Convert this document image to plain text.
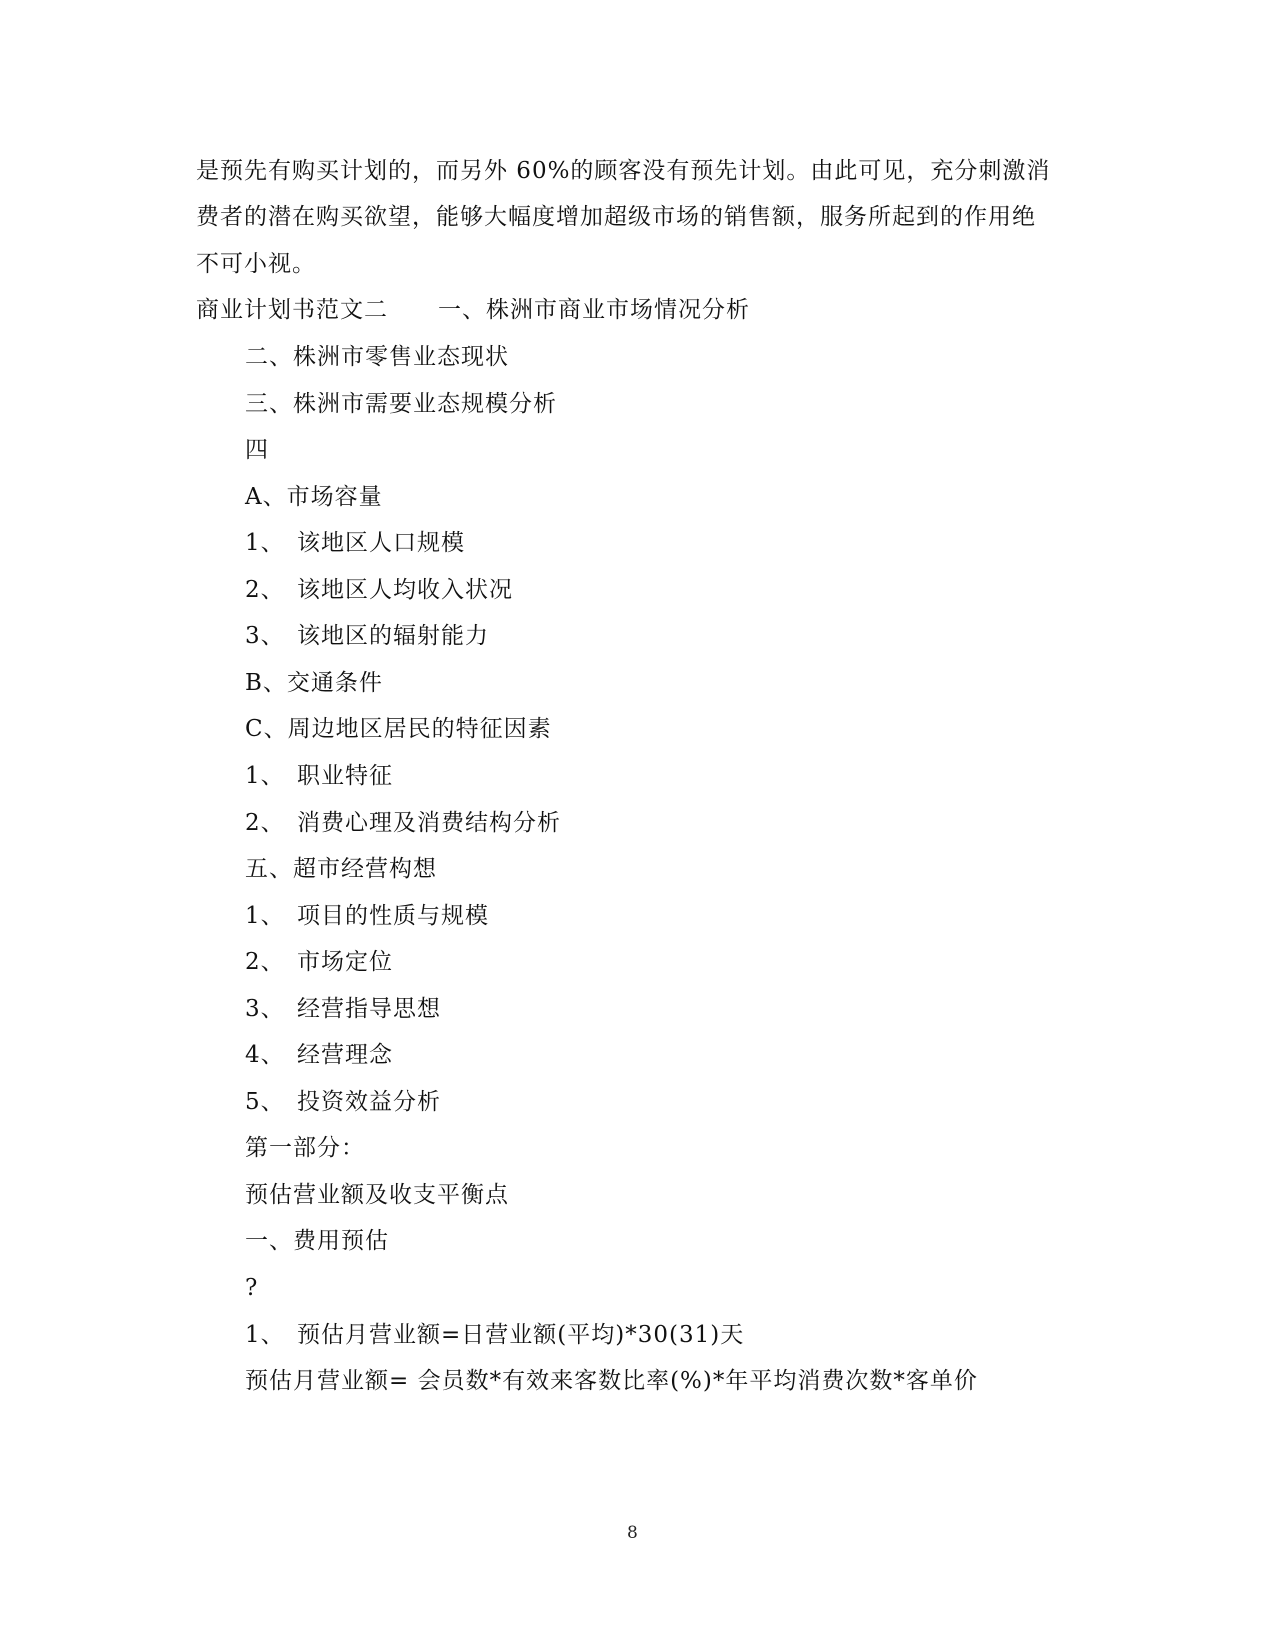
是预先有购买计划的，而另外 60%的顾客没有预先计划。由此可见，充分刺激消
费者的潜在购买欲望，能够大幅度增加超级市场的销售额，服务所起到的作用绝
不可小视。
商业计划书范文二 一、株洲市商业市场情况分析
二、株洲市零售业态现状
三、株洲市需要业态规模分析
四
A、市场容量
1、 该地区人口规模
2、 该地区人均收入状况
3、 该地区的辐射能力
B、交通条件
C、周边地区居民的特征因素
1、 职业特征
2、 消费心理及消费结构分析
五、超市经营构想
1、 项目的性质与规模
2、 市场定位
3、 经营指导思想
4、 经营理念
5、 投资效益分析
第一部分：
预估营业额及收支平衡点
一、费用预估
?
1、 预估月营业额=日营业额(平均)*30(31)天
预估月营业额= 会员数*有效来客数比率(%)*年平均消费次数*客单价
8
